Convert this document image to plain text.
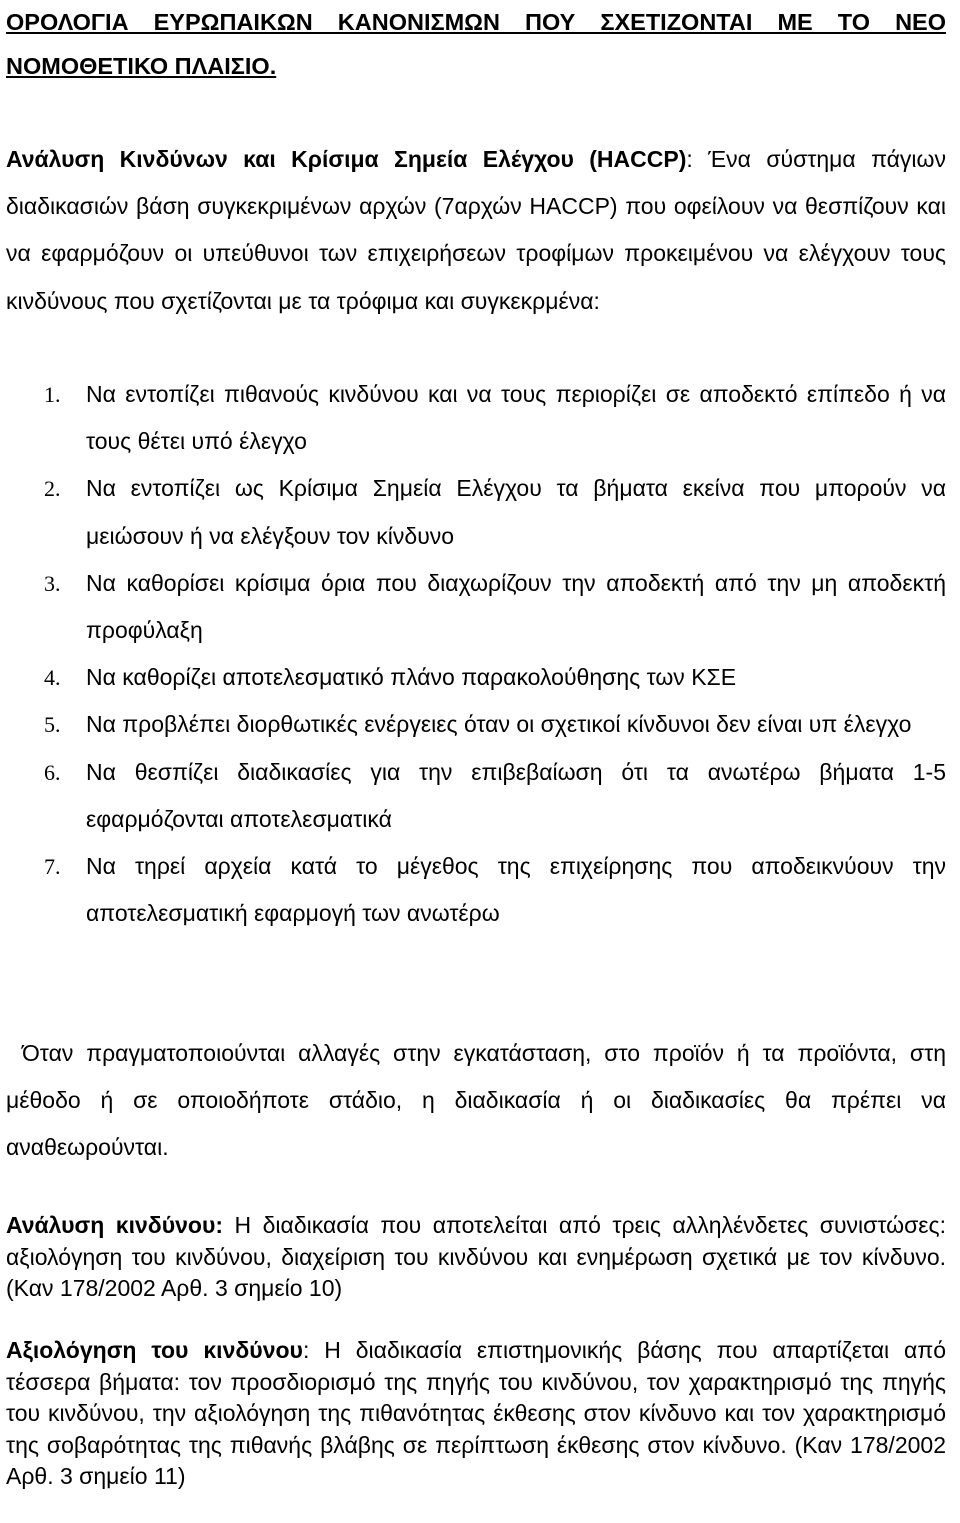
ΟΡΟΛΟΓΙΑ ΕΥΡΩΠΑΙΚΩΝ ΚΑΝΟΝΙΣΜΩΝ ΠΟΥ ΣΧΕΤΙΖΟΝΤΑΙ ΜΕ ΤΟ ΝΕΟ ΝΟΜΟΘΕΤΙΚΟ ΠΛΑΙΣΙΟ.

Ανάλυση Κινδύνων και Κρίσιμα Σημεία Ελέγχου (HACCP): Ένα σύστημα πάγιων διαδικασιών βάση συγκεκριμένων αρχών (7αρχών HACCP) που οφείλουν να θεσπίζουν και να εφαρμόζουν οι υπεύθυνοι των επιχειρήσεων τροφίμων προκειμένου να ελέγχουν τους κινδύνους που σχετίζονται με τα τρόφιμα και συγκεκρμένα:

1. Να εντοπίζει πιθανούς κινδύνου και να τους περιορίζει σε αποδεκτό επίπεδο ή να τους θέτει υπό έλεγχο
2. Να εντοπίζει ως Κρίσιμα Σημεία Ελέγχου τα βήματα εκείνα που μπορούν να μειώσουν ή να ελέγξουν τον κίνδυνο
3. Να καθορίσει κρίσιμα όρια που διαχωρίζουν την αποδεκτή από την μη αποδεκτή προφύλαξη
4. Να καθορίζει αποτελεσματικό πλάνο παρακολούθησης των ΚΣΕ
5. Να προβλέπει διορθωτικές ενέργειες όταν οι σχετικοί κίνδυνοι δεν είναι υπ έλεγχο
6. Να θεσπίζει διαδικασίες για την επιβεβαίωση ότι τα ανωτέρω βήματα 1-5 εφαρμόζονται αποτελεσματικά
7. Να τηρεί αρχεία κατά το μέγεθος της επιχείρησης που αποδεικνύουν την αποτελεσματική εφαρμογή των ανωτέρω

Όταν πραγματοποιούνται αλλαγές στην εγκατάσταση, στο προϊόν ή τα προϊόντα, στη μέθοδο ή σε οποιοδήποτε στάδιο, η διαδικασία ή οι διαδικασίες θα πρέπει να αναθεωρούνται.

Ανάλυση κινδύνου: Η διαδικασία που αποτελείται από τρεις αλληλένδετες συνιστώσες: αξιολόγηση του κινδύνου, διαχείριση του κινδύνου και ενημέρωση σχετικά με τον κίνδυνο. (Καν 178/2002 Αρθ. 3 σημείο 10)

Αξιολόγηση του κινδύνου: Η διαδικασία επιστημονικής βάσης που απαρτίζεται από τέσσερα βήματα: τον προσδιορισμό της πηγής του κινδύνου, τον χαρακτηρισμό της πηγής του κινδύνου, την αξιολόγηση της πιθανότητας έκθεσης στον κίνδυνο και τον χαρακτηρισμό της σοβαρότητας της πιθανής βλάβης σε περίπτωση έκθεσης στον κίνδυνο. (Καν 178/2002 Αρθ. 3 σημείο 11)
